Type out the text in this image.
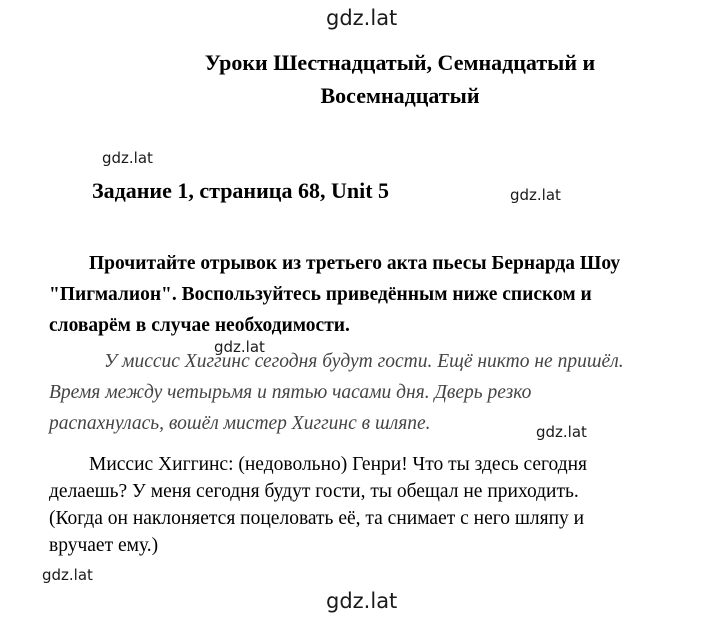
gdz.lat
Уроки Шестнадцатый, Семнадцатый и
Восемнадцатый
gdz.lat
Задание 1, страница 68, Unit 5	gdz.lat
Прочитайте отрывок из третьего акта пьесы Бернарда Шоу
"Пигмалион". Воспользуйтесь приведённым ниже списком и
словарём в случае необходимости.
gdz.lat
У миссис Хиггинс сегодня будут гости. Ещё никто не пришёл.
Время между четырьмя и пятью часами дня. Дверь резко
распахнулась, вошёл мистер Хиггинс в шляпе.	gdz.lat
Миссис Хиггинс: (недовольно) Генри! Что ты здесь сегодня
делаешь? У меня сегодня будут гости, ты обещал не приходить.
(Когда он наклоняется поцеловать её, та снимает с него шляпу и
вручает ему.)
gdz.lat
gdz.lat
